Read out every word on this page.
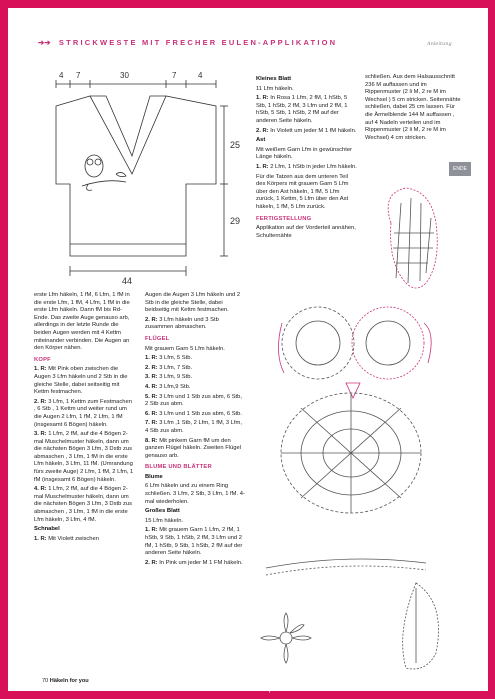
➔➔ STRICKWESTE MIT FRECHER EULEN-APPLIKATION	Anleitung
4 7	30	7	4
25
29
44

erste Lfm häkeln, 1 fM, 6 Lfm, 1 fM in die erste Lfm, 1 fM, 4 Lfm, 1 fM in die erste Lfm häkeln. Dann fM bis Rd-Ende. Das zweite Auge genauso arb, allerdings in der letzte Runde die beiden Augen werden mit 4 Kettm miteinander verbinden. Die Augen an den Körper nähen.

KOPF

1. R: Mit Pink oben zwischen die Augen 3 Lfm häkeln und 2 Stb in die gleiche Stelle, dabei seitseitig mit Kettm festmachen.

2. R: 3 Lfm, 1 Kettm zum Festmachen , 6 Stb , 1 Kettm und weiter rund um die Augen 2 Lfm, 1 fM, 2 Lfm, 1 fM (insgesamt 6 Bögen) häkeln.

3. R: 1 Lfm, 2 fM, auf die 4 Bögen 2-mal Muschelmuster häkeln, dann um die nächsten Bögen 3 Lfm, 3 Dstb zus abmaschen , 3 Lfm, 1 fM in die erste Lfm häkeln, 3 Lfm, 11 fM. (Umrandung fürs zweite Auge) 2 Lfm, 1 fM, 2 Lfm, 1 fM (insgesamt 6 Bögen) häkeln.

4. R: 1 Lfm, 2 fM, auf die 4 Bögen 2-mal Muschelmuster häkeln, dann um die nächsten Bögen 3 Lfm, 3 Dstb zus abmaschen , 3 Lfm, 1 fM in die erste Lfm häkeln, 3 Lfm, 4 fM.

Schnabel

1. R: Mit Violett zwischen

Augen die Augen 3 Lfm häkeln und 2 Stb in die gleiche Stelle, dabei beidseitig mit Kettm festmachen.

2. R: 3 Lfm häkeln und 3 Stb zusammen abmaschen.

FLÜGEL

Mit grauem Garn 5 Lfm häkeln.

1. R: 3 Lfm, 5 Stb.

2. R: 3 Lfm, 7 Stb.

3. R: 3 Lfm, 9 Stb.

4. R: 3 Lfm,9 Stb.

5. R: 3 Lfm und 1 Stb zus abm, 6 Stb, 2 Stb zus abm.

6. R: 3 Lfm und 1 Stb zus abm, 6 Stb.

7. R: 3 Lfm ,1 Stb, 2 Lfm, 1 fM, 3 Lfm, 4 Stb zus abm.

8. R: Mit pinkem Garn fM um den ganzen Flügel häkeln. Zweiten Flügel genauso arb.

BLUME UND BLÄTTER

Blume

6 Lfm häkeln und zu einem Ring schließen. 3 Lfm, 2 Stb, 3 Lfm, 1 fM. 4-mal wiederholen.

Großes Blatt

15 Lfm häkeln.

1. R: Mit grauem Garn 1 Lfm, 2 fM, 1 hStb, 9 Stb, 1 hStb, 2 fM, 3 Lfm und 2 fM, 1 hStb, 9 Stb, 1 hStb, 2 fM auf der anderen Seite häkeln.

2. R: In Pink um jeder M 1 FM häkeln.

Kleines Blatt

11 Lfm häkeln.

1. R: In Rosa 1 Lfm, 2 fM, 1 hStb, 5 Stb, 1 hStb, 2 fM, 3 Lfm und 2 fM, 1 hStb, 5 Stb, 1 hStb, 2 fM auf der anderen Seite häkeln.

2. R: In Violett um jeder M 1 fM häkeln.

Ast

Mit weißem Garn Lfm in gewünschter Länge häkeln.

1. R: 2 Lfm, 1 hStb in jeder Lfm häkeln.

Für die Tatzen aus dem unteren Teil des Körpers mit grauem Garn 5 Lfm über den Ast häkeln, 1 fM, 5 Lfm zurück, 1 Kettm, 5 Lfm über den Ast häkeln, 1 fM, 5 Lfm zurück.

FERTIGSTELLUNG

Applikation auf der Vorderteil annähen, Schulternähte

schließen. Aus dem Halsausschnitt 236 M auffassen und im Rippenmuster (2 li M, 2 re M im Wechsel ) 5 cm stricken. Seitennähte schließen, dabei 25 cm lassen. Für die Ärmelblende 144 M auffassen , auf 4 Nadeln verteilen und im Rippenmuster (2 li M, 2 re M im Wechsel) 4 cm stricken.

ENDE
70 Häkeln for you
http://www.liveinternet.ru/users/4107042/
